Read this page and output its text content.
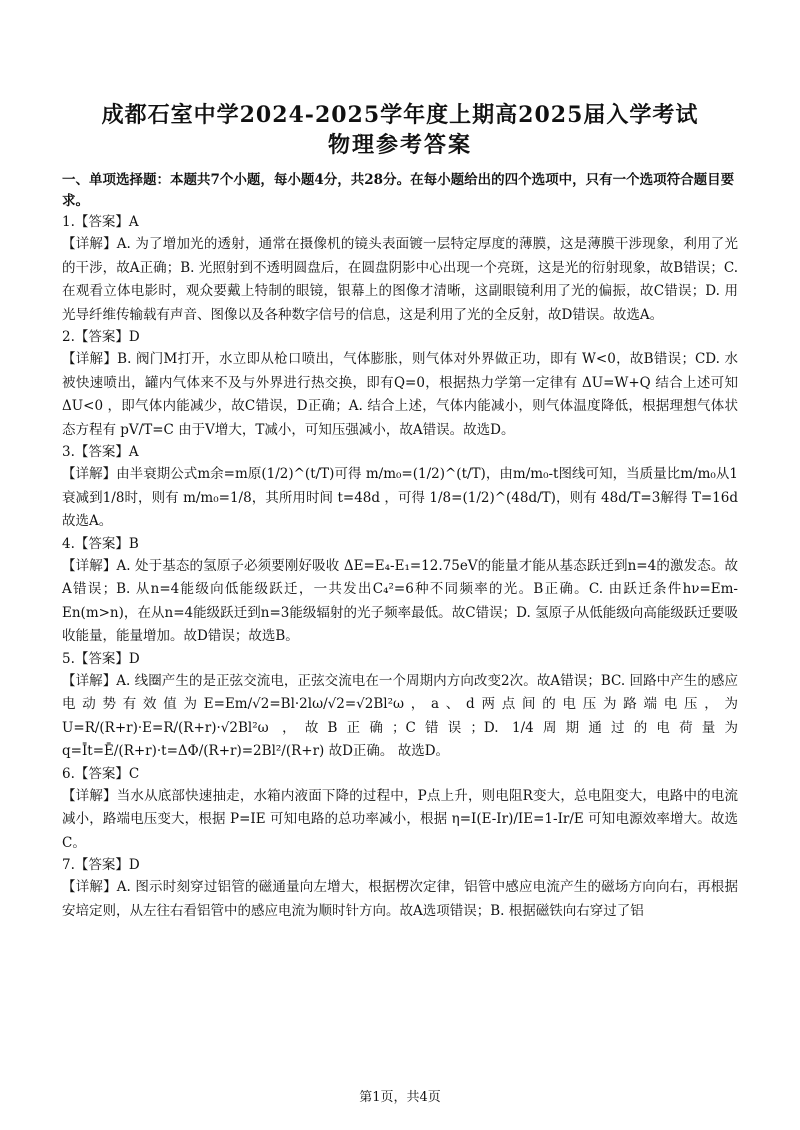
成都石室中学2024-2025学年度上期高2025届入学考试
物理参考答案

一、单项选择题：本题共7个小题，每小题4分，共28分。在每小题给出的四个选项中，只有一个选项符合题目要求。

1.【答案】A

【详解】A. 为了增加光的透射，通常在摄像机的镜头表面镀一层特定厚度的薄膜，这是薄膜干涉现象，利用了光的干涉，故A正确；B. 光照射到不透明圆盘后，在圆盘阴影中心出现一个亮斑，这是光的衍射现象，故B错误；C. 在观看立体电影时，观众要戴上特制的眼镜，银幕上的图像才清晰，这副眼镜利用了光的偏振，故C错误；D. 用光导纤维传输载有声音、图像以及各种数字信号的信息，这是利用了光的全反射，故D错误。故选A。

2.【答案】D

【详解】B. 阀门M打开，水立即从枪口喷出，气体膨胀，则气体对外界做正功，即有 W<0，故B错误；CD. 水被快速喷出，罐内气体来不及与外界进行热交换，即有Q=0，根据热力学第一定律有 ΔU=W+Q 结合上述可知 ΔU<0 ，即气体内能减少，故C错误，D正确；A. 结合上述，气体内能减小，则气体温度降低，根据理想气体状态方程有 pV/T=C 由于V增大，T减小，可知压强减小，故A错误。故选D。

3.【答案】A

【详解】由半衰期公式m余=m原(1/2)^(t/T)可得 m/m₀=(1/2)^(t/T)，由m/m₀-t图线可知，当质量比m/m₀从1衰减到1/8时，则有 m/m₀=1/8，其所用时间 t=48d ，可得 1/8=(1/2)^(48d/T)，则有 48d/T=3解得 T=16d 故选A。

4.【答案】B

【详解】A. 处于基态的氢原子必须要刚好吸收 ΔE=E₄-E₁=12.75eV的能量才能从基态跃迁到n=4的激发态。故A错误；B. 从n=4能级向低能级跃迁，一共发出C₄²=6种不同频率的光。B正确。C. 由跃迁条件hν=Em-En(m>n)，在从n=4能级跃迁到n=3能级辐射的光子频率最低。故C错误；D. 氢原子从低能级向高能级跃迁要吸收能量，能量增加。故D错误；故选B。

5.【答案】D

【详解】A. 线圈产生的是正弦交流电，正弦交流电在一个周期内方向改变2次。故A错误；BC. 回路中产生的感应电动势有效值为E=Em/√2=Bl·2lω/√2=√2Bl²ω，a、d两点间的电压为路端电压，为U=R/(R+r)·E=R/(R+r)·√2Bl²ω ，故B正确；C错误；D. 1/4周期通过的电荷量为 q=Īt=Ē/(R+r)·t=ΔΦ/(R+r)=2Bl²/(R+r) 故D正确。 故选D。

6.【答案】C

【详解】当水从底部快速抽走，水箱内液面下降的过程中，P点上升，则电阻R变大，总电阻变大，电路中的电流减小，路端电压变大，根据 P=IE 可知电路的总功率减小，根据 η=I(E-Ir)/IE=1-Ir/E 可知电源效率增大。故选C。

7.【答案】D

【详解】A. 图示时刻穿过铝管的磁通量向左增大，根据楞次定律，铝管中感应电流产生的磁场方向向右，再根据安培定则，从左往右看铝管中的感应电流为顺时针方向。故A选项错误；B. 根据磁铁向右穿过了铝

第1页，共4页
